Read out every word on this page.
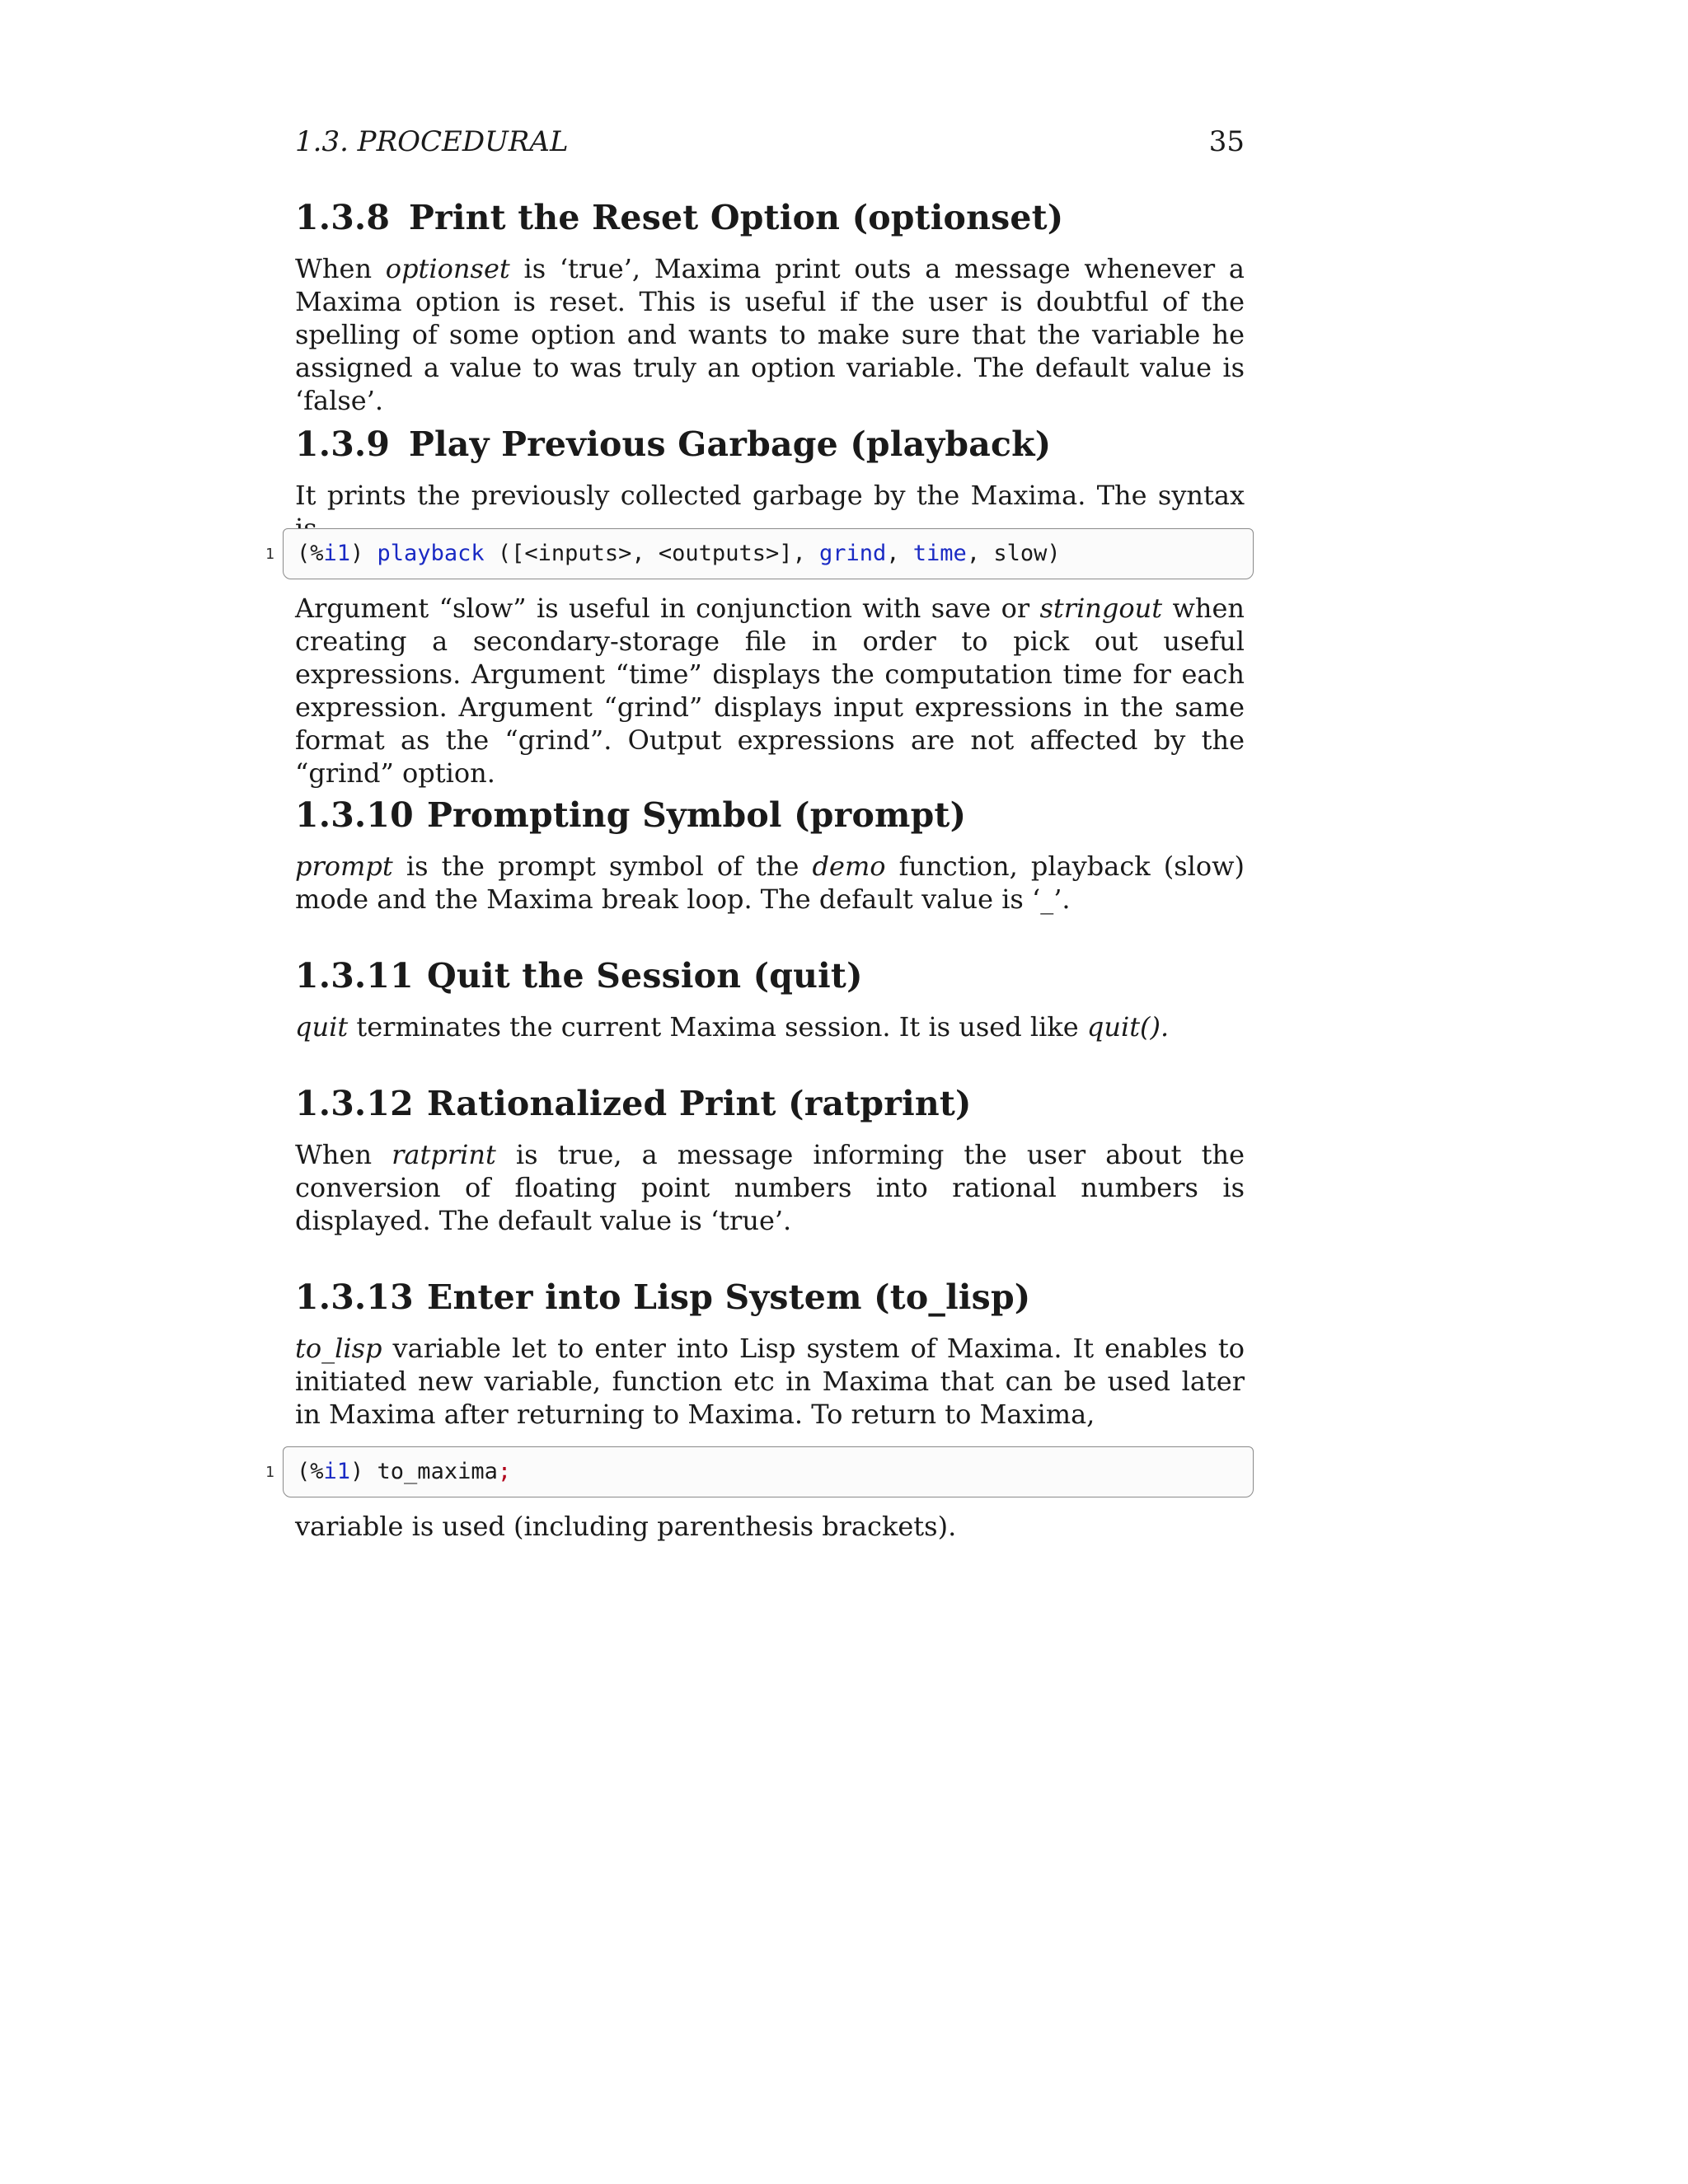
1.3. PROCEDURAL	35
1.3.8 Print the Reset Option (optionset)

When optionset is ‘true’, Maxima print outs a message whenever a Maxima option is reset. This is useful if the user is doubtful of the spelling of some option and wants to make sure that the variable he assigned a value to was truly an option variable. The default value is ‘false’.

1.3.9 Play Previous Garbage (playback)

It prints the previously collected garbage by the Maxima. The syntax

1 (%i1) playback ([<inputs>, <outputs>], grind, time, slow)

Argument “slow” is useful in conjunction with save or stringout when creating a secondary-storage file in order to pick out useful expressions. Argument “time” displays the computation time for each expression. Argument “grind” displays input expressions in the same format as the “grind”. Output expressions are not affected by the “grind” option.

1.3.10 Prompting Symbol (prompt)

prompt is the prompt symbol of the demo function, playback (slow) mode and the Maxima break loop. The default value is ‘_’.

1.3.11 Quit the Session (quit)

quit terminates the current Maxima session. It is used like quit().

1.3.12 Rationalized Print (ratprint)

When ratprint is true, a message informing the user about the conversion of floating point numbers into rational numbers is displayed. The default value is ‘true’.

1.3.13 Enter into Lisp System (to_lisp)

to_lisp variable let to enter into Lisp system of Maxima. It enables to initiated new variable, function etc in Maxima that can be used later in Maxima after returning to Maxima. To return to Maxima,

1 (%i1) to_maxima;

variable is used (including parenthesis brackets).
